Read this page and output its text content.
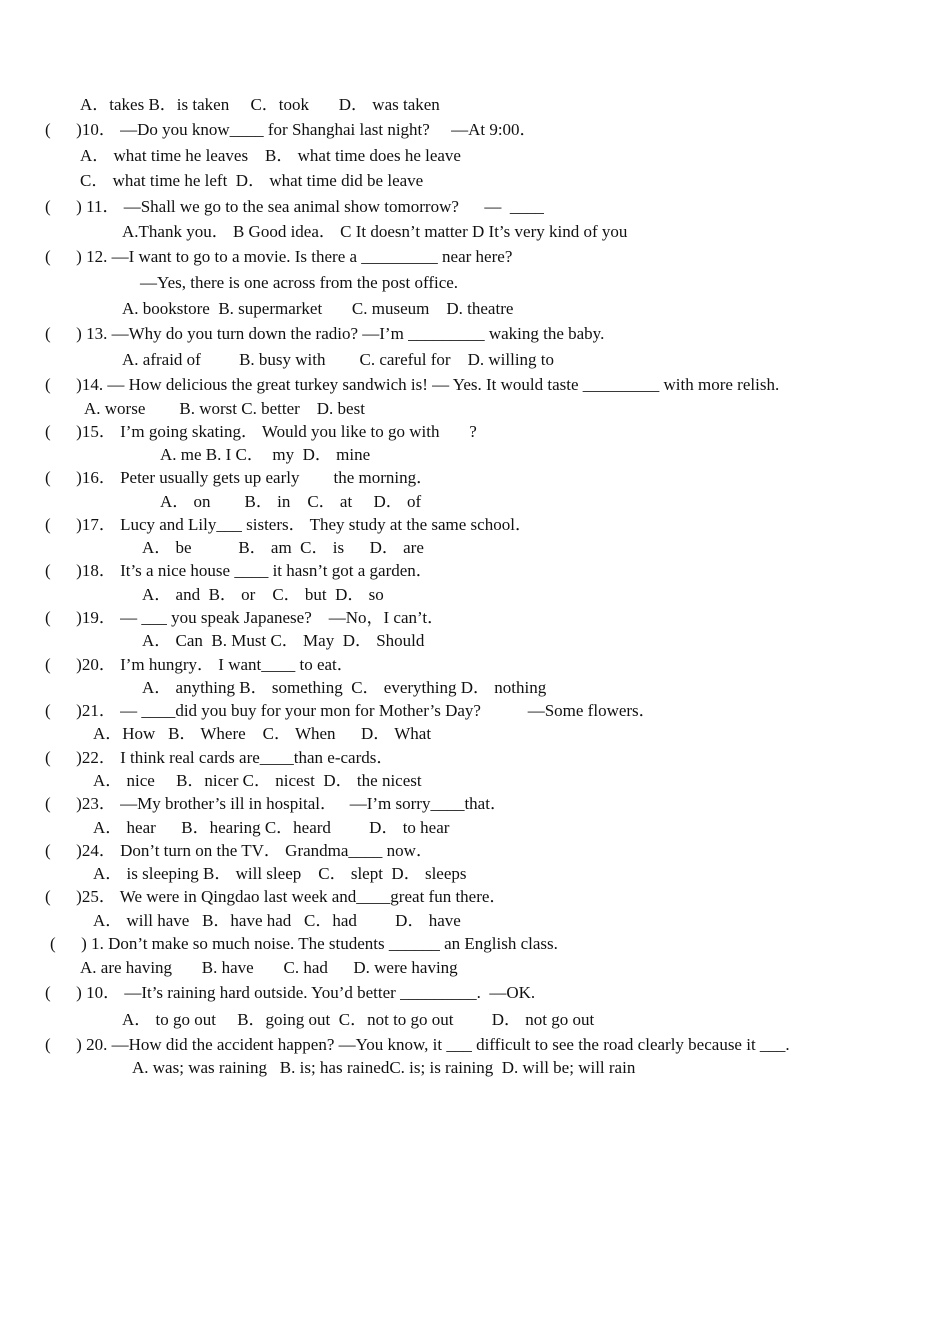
A．takes B．is taken     C．took       D． was taken
(      )10． —Do you know____ for Shanghai last night?     —At 9:00．
A． what time he leaves    B． what time does he leave
C． what time he left  D． what time did be leave
(      ) 11． —Shall we go to the sea animal show tomorrow?      —  ____
A.Thank you． B Good idea． C It doesn’t matter D It’s very kind of you
(      ) 12. —I want to go to a movie. Is there a _________ near here?
—Yes, there is one across from the post office.
A. bookstore  B. supermarket       C. museum    D. theatre
(      ) 13. —Why do you turn down the radio? —I’m _________ waking the baby.
A. afraid of         B. busy with        C. careful for    D. willing to
(      )14. — How delicious the great turkey sandwich is! — Yes. It would taste _________ with more relish.
A. worse        B. worst C. better    D. best
(      )15． I’m going skating． Would you like to go with       ?
A. me B. I C．  my  D． mine
(      )16． Peter usually gets up early        the morning．
A． on        B． in    C． at     D． of
(      )17． Lucy and Lily___ sisters． They study at the same school．
A． be           B． am  C． is      D． are
(      )18． It’s a nice house ____ it hasn’t got a garden．
A． and  B． or    C． but  D． so
(      )19． — ___ you speak Japanese?    —No，I can’t．
A． Can  B. Must C． May  D． Should
(      )20． I’m hungry． I want____ to eat．
A． anything B． something  C． everything D． nothing
(      )21． — ____did you buy for your mon for Mother’s Day?           —Some flowers．
A．How   B． Where    C． When      D． What
(      )22． I think real cards are____than e-cards．
A． nice     B．nicer C． nicest  D． the nicest
(      )23． —My brother’s ill in hospital．   —I’m sorry____that．
A． hear      B．hearing C．heard         D． to hear
(      )24． Don’t turn on the TV． Grandma____ now．
A． is sleeping B． will sleep    C． slept  D． sleeps
(      )25． We were in Qingdao last week and____great fun there．
A． will have   B．have had   C．had         D． have
(      ) 1. Don’t make so much noise. The students ______ an English class.
A. are having       B. have       C. had      D. were having
(      ) 10． —It’s raining hard outside. You’d better _________.  —OK.
A． to go out     B．going out  C．not to go out         D． not go out
(      ) 20. —How did the accident happen? —You know, it ___ difficult to see the road clearly because it ___.
A. was; was raining   B. is; has rainedC. is; is raining  D. will be; will rain
